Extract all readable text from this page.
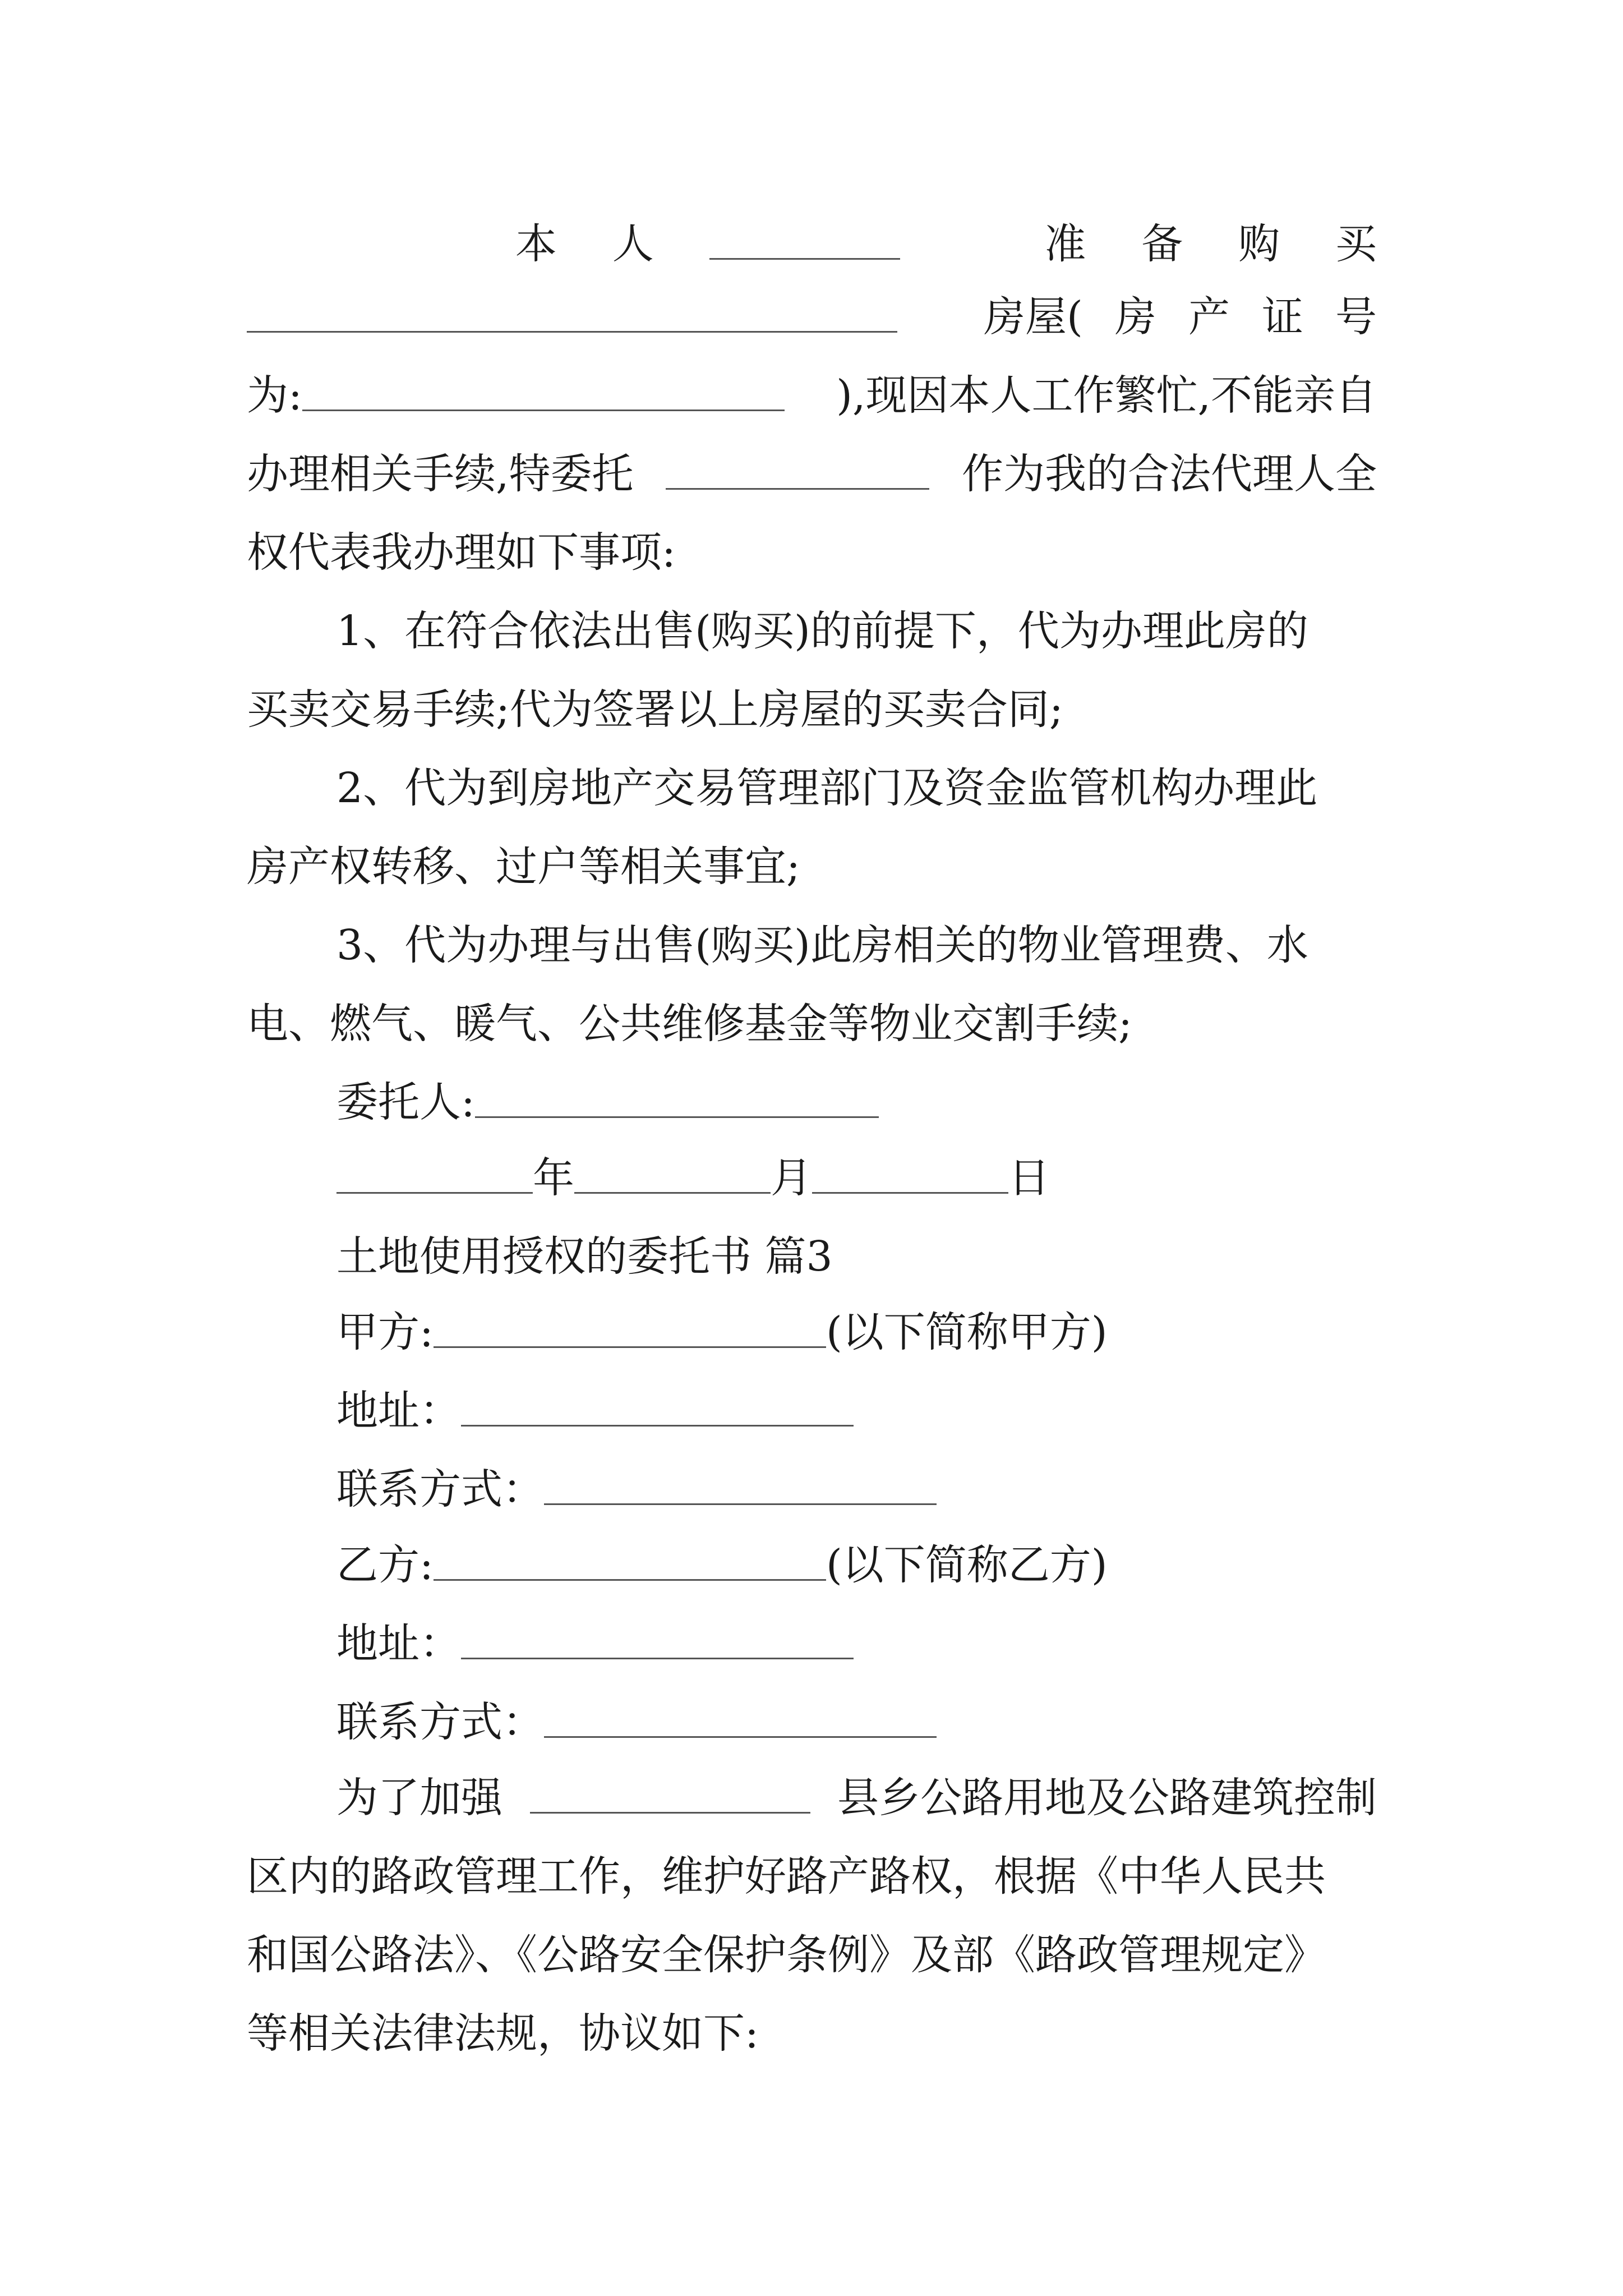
本 人	准 备 购 买
房屋( 房 产 证 号
为:	),现因本人工作繁忙,不能亲自
办理相关手续,特委托	作为我的合法代理人全
权代表我办理如下事项:
1、在符合依法出售(购买)的前提下，代为办理此房的
买卖交易手续;代为签署以上房屋的买卖合同;
2、代为到房地产交易管理部门及资金监管机构办理此
房产权转移、过户等相关事宜;
3、代为办理与出售(购买)此房相关的物业管理费、水
电、燃气、暖气、公共维修基金等物业交割手续;
委托人:
年	月	日
土地使用授权的委托书 篇3
甲方:	(以下简称甲方)
地址：
联系方式：
乙方:	(以下简称乙方)
地址：
联系方式：
为了加强	县乡公路用地及公路建筑控制
区内的路政管理工作，维护好路产路权，根据《中华人民共
和国公路法》、《公路安全保护条例》及部《路政管理规定》
等相关法律法规，协议如下:
